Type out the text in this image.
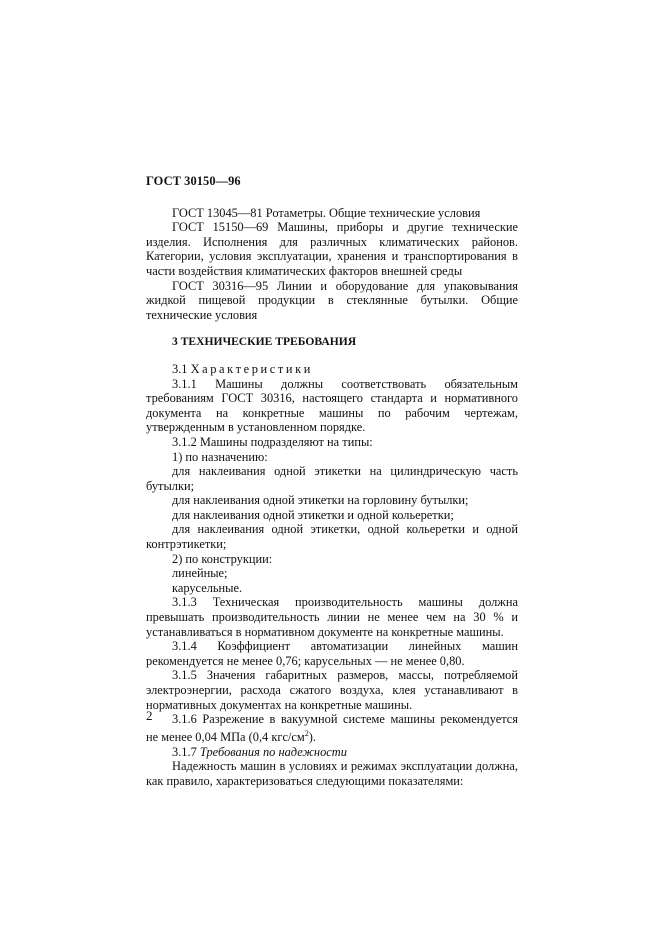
ГОСТ 30150—96

ГОСТ 13045—81 Ротаметры. Общие технические условия

ГОСТ 15150—69 Машины, приборы и другие технические изделия. Исполнения для различных климатических районов. Категории, условия эксплуатации, хранения и транспортирования в части воздействия климатических факторов внешней среды

ГОСТ 30316—95 Линии и оборудование для упаковывания жидкой пищевой продукции в стеклянные бутылки. Общие технические условия

3 ТЕХНИЧЕСКИЕ ТРЕБОВАНИЯ

3.1 Характеристики

3.1.1 Машины должны соответствовать обязательным требованиям ГОСТ 30316, настоящего стандарта и нормативного документа на конкретные машины по рабочим чертежам, утвержденным в установленном порядке.

3.1.2 Машины подразделяют на типы:

1) по назначению:

для наклеивания одной этикетки на цилиндрическую часть бутылки;

для наклеивания одной этикетки на горловину бутылки;

для наклеивания одной этикетки и одной кольеретки;

для наклеивания одной этикетки, одной кольеретки и одной контрэтикетки;

2) по конструкции:

линейные;

карусельные.

3.1.3 Техническая производительность машины должна превышать производительность линии не менее чем на 30 % и устанавливаться в нормативном документе на конкретные машины.

3.1.4 Коэффициент автоматизации линейных машин рекомендуется не менее 0,76; карусельных — не менее 0,80.

3.1.5 Значения габаритных размеров, массы, потребляемой электроэнергии, расхода сжатого воздуха, клея устанавливают в нормативных документах на конкретные машины.

3.1.6 Разрежение в вакуумной системе машины рекомендуется не менее 0,04 МПа (0,4 кгс/$см^2$).

3.1.7 Требования по надежности

Надежность машин в условиях и режимах эксплуатации должна, как правило, характеризоваться следующими показателями:

2
